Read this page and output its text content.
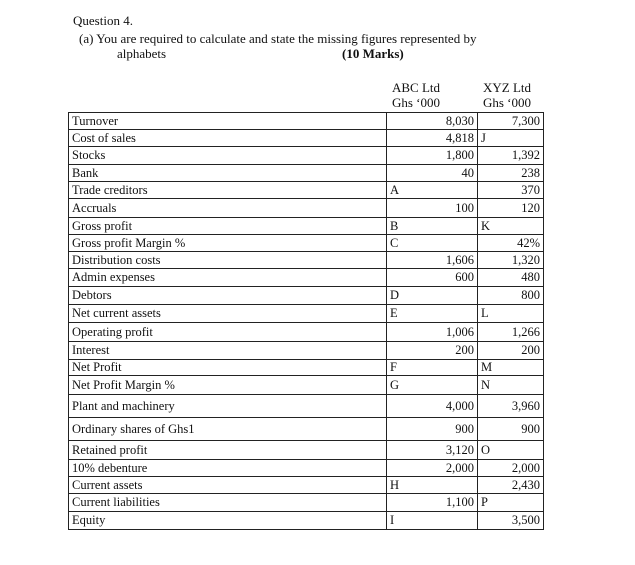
Question 4.
(a) You are required to calculate and state the missing figures represented by
alphabets	(10 Marks)
ABC Ltd
Ghs ‘000
XYZ Ltd
Ghs ‘000
Turnover	8,030	7,300
Cost of sales	4,818	J
Stocks	1,800	1,392
Bank	40	238
Trade creditors	A	370
Accruals	100	120
Gross profit	B	K
Gross profit Margin %	C	42%
Distribution costs	1,606	1,320
Admin expenses	600	480
Debtors	D	800
Net current assets	E	L
Operating profit	1,006	1,266
Interest	200	200
Net Profit	F	M
Net Profit Margin %	G	N
Plant and machinery	4,000	3,960
Ordinary shares of Ghs1	900	900
Retained profit	3,120	O
10% debenture	2,000	2,000
Current assets	H	2,430
Current liabilities	1,100	P
Equity	I	3,500
